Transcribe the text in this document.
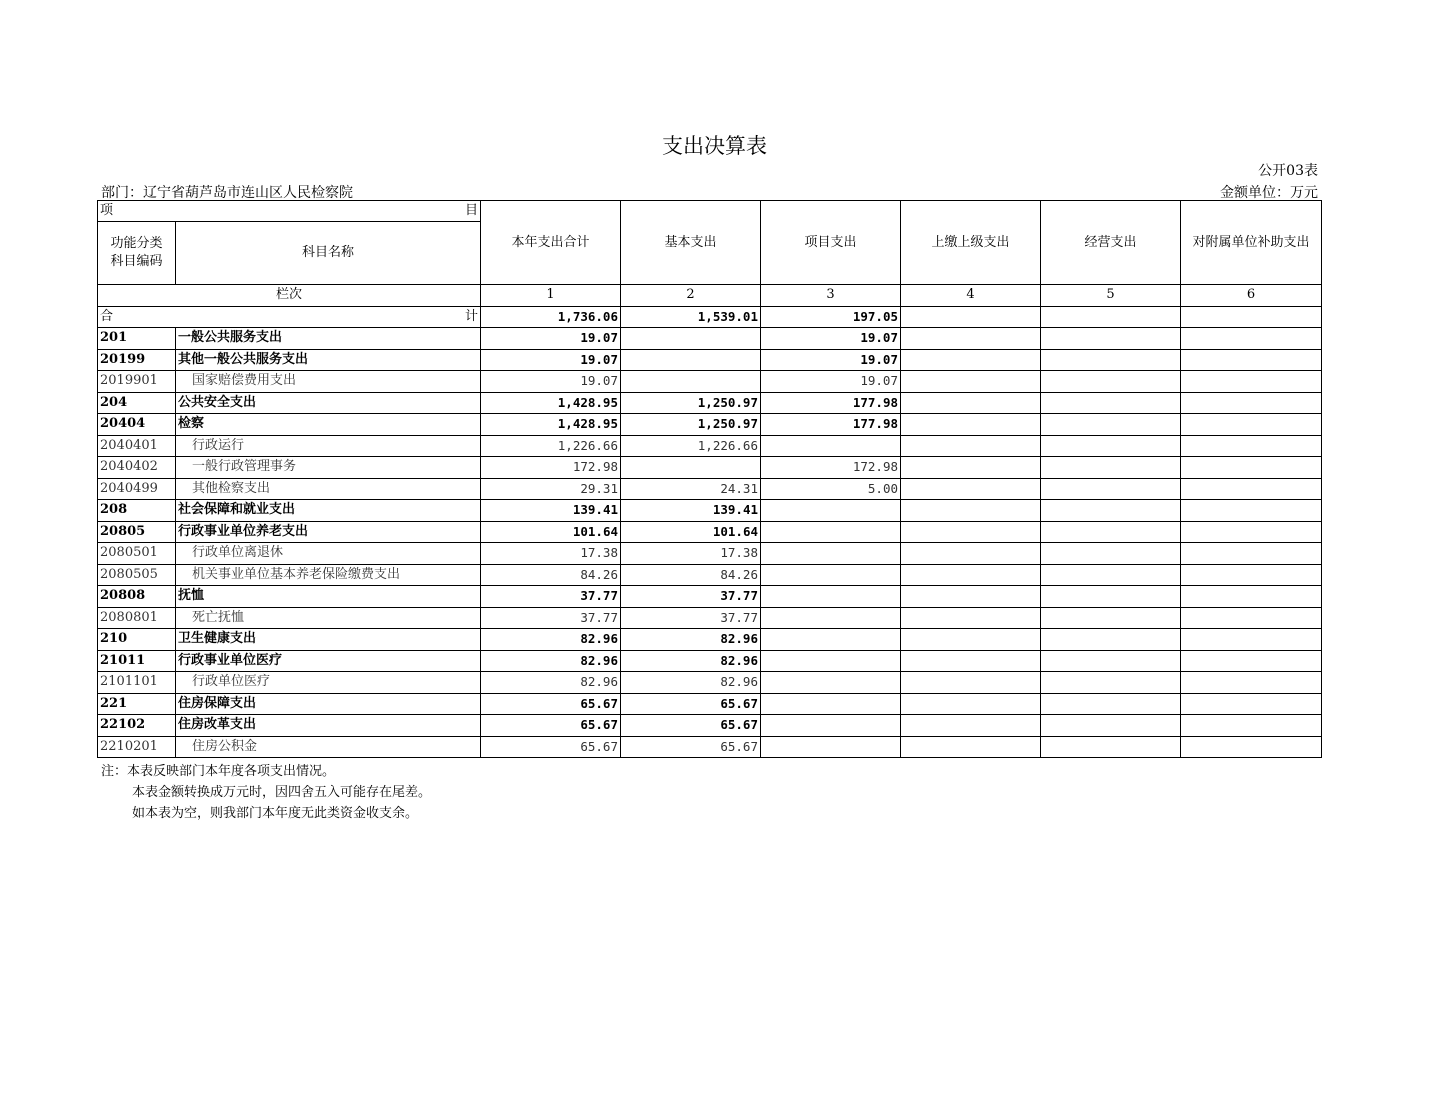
支出决算表
公开03表
部门：辽宁省葫芦岛市连山区人民检察院	金额单位：万元
项 目		本年支出合计	基本支出	项目支出	上缴上级支出	经营支出	对附属单位补助支出
功能分类
科目编码	科目名称						
栏次		1	2	3	4	5	6

合 计		1,736.06	1,539.01	197.05			
201	一般公共服务支出	19.07		19.07			
20199	其他一般公共服务支出	19.07		19.07			
2019901	国家赔偿费用支出	19.07		19.07			
204	公共安全支出	1,428.95	1,250.97	177.98			
20404	检察	1,428.95	1,250.97	177.98			
2040401	行政运行	1,226.66	1,226.66				
2040402	一般行政管理事务	172.98		172.98			
2040499	其他检察支出	29.31	24.31	5.00			
208	社会保障和就业支出	139.41	139.41				
20805	行政事业单位养老支出	101.64	101.64				
2080501	行政单位离退休	17.38	17.38				
2080505	机关事业单位基本养老保险缴费支出	84.26	84.26				
20808	抚恤	37.77	37.77				
2080801	死亡抚恤	37.77	37.77				
210	卫生健康支出	82.96	82.96				
21011	行政事业单位医疗	82.96	82.96				
2101101	行政单位医疗	82.96	82.96				
221	住房保障支出	65.67	65.67				
22102	住房改革支出	65.67	65.67				
2210201	住房公积金	65.67	65.67				
注：本表反映部门本年度各项支出情况。
本表金额转换成万元时，因四舍五入可能存在尾差。
如本表为空，则我部门本年度无此类资金收支余。
